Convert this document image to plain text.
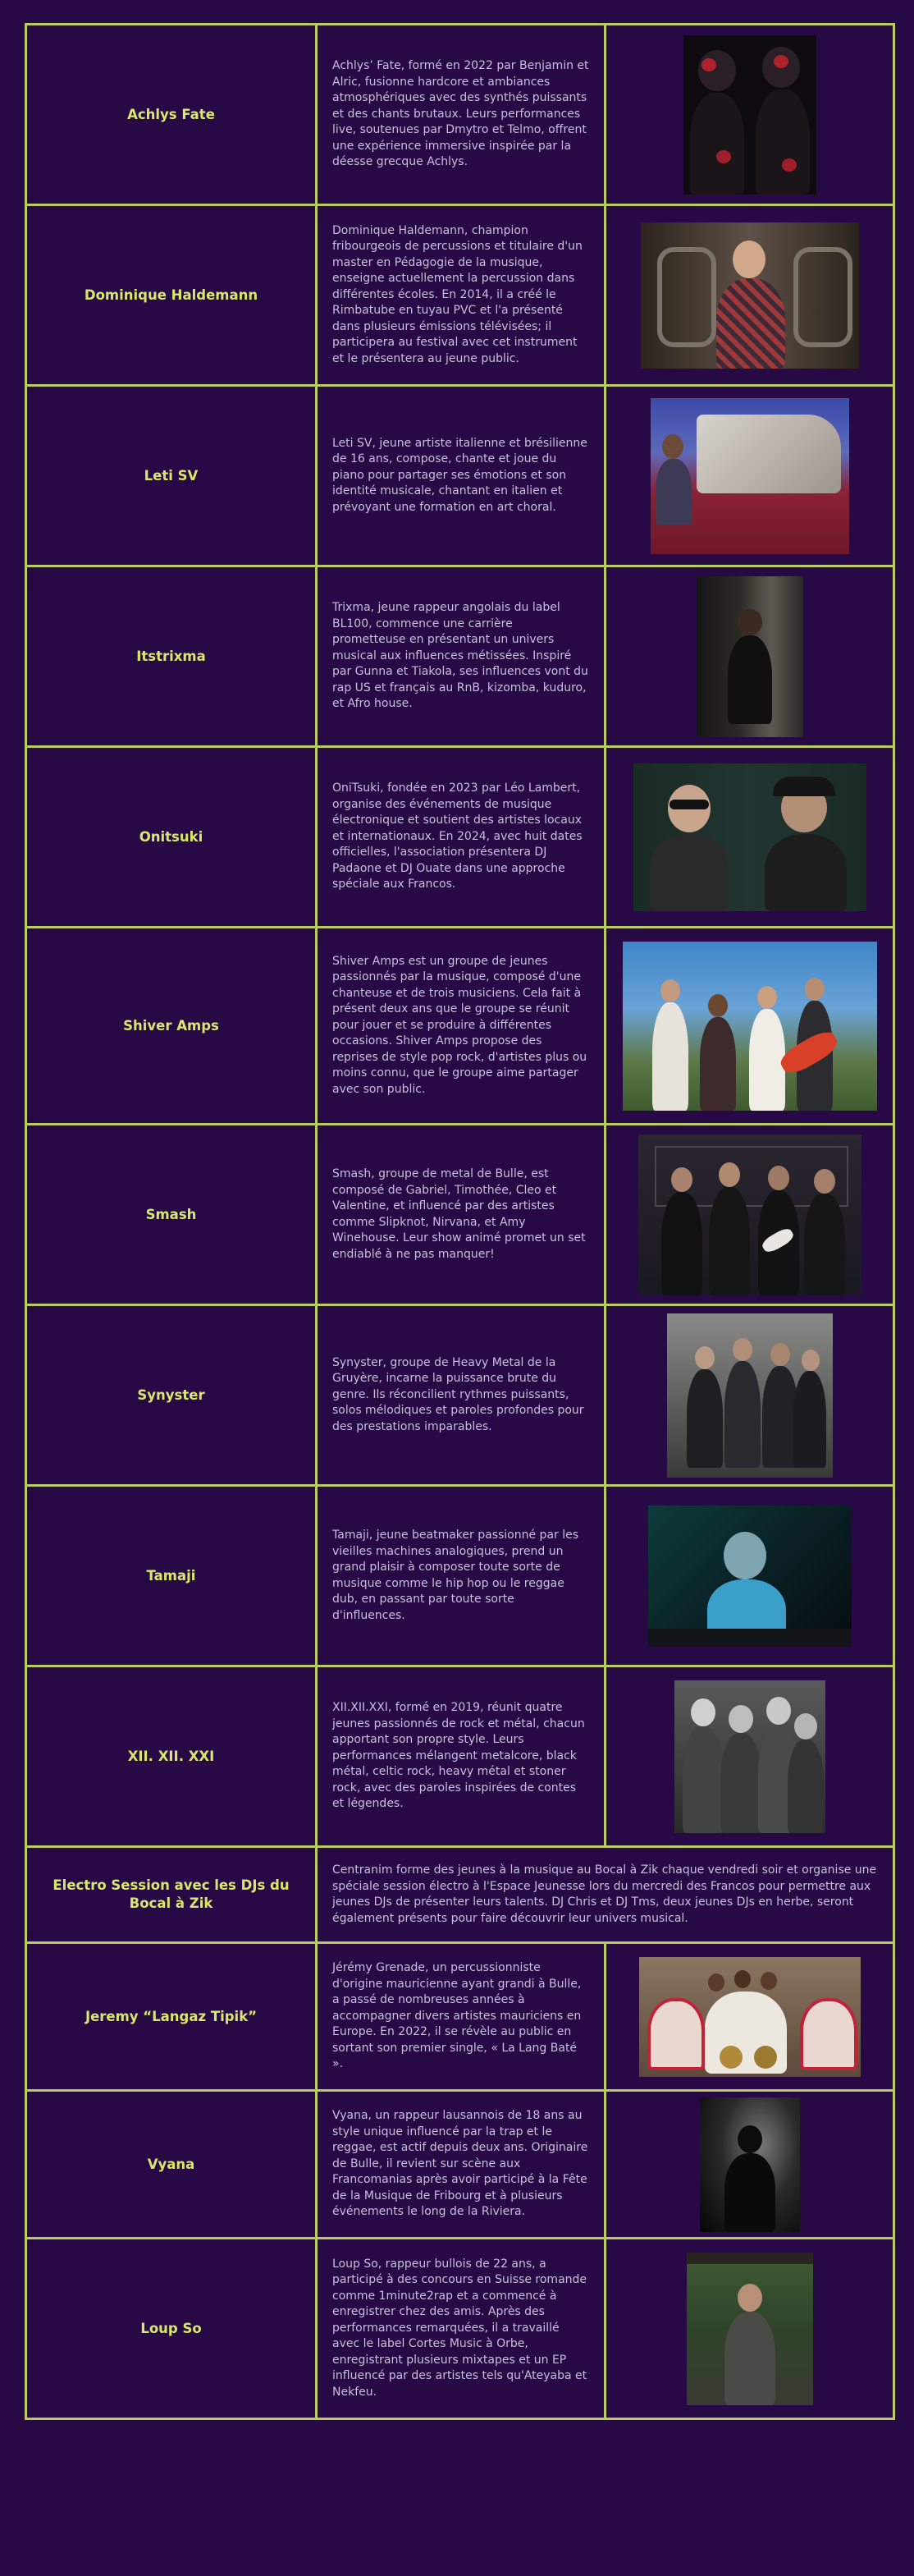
Achlys Fate	Achlys’ Fate, formé en 2022 par Benjamin et Alric, fusionne hardcore et ambiances atmosphériques avec des synthés puissants et des chants brutaux. Leurs performances live, soutenues par Dmytro et Telmo, offrent une expérience immersive inspirée par la déesse grecque Achlys.	

Dominique Haldemann	Dominique Haldemann, champion fribourgeois de percussions et titulaire d'un master en Pédagogie de la musique, enseigne actuellement la percussion dans différentes écoles. En 2014, il a créé le Rimbatube en tuyau PVC et l'a présenté dans plusieurs émissions télévisées; il participera au festival avec cet instrument et le présentera au jeune public.	

Leti SV	Leti SV, jeune artiste italienne et brésilienne de 16 ans, compose, chante et joue du piano pour partager ses émotions et son identité musicale, chantant en italien et prévoyant une formation en art choral.	

Itstrixma	Trixma, jeune rappeur angolais du label BL100, commence une carrière prometteuse en présentant un univers musical aux influences métissées. Inspiré par Gunna et Tiakola, ses influences vont du rap US et français au RnB, kizomba, kuduro, et Afro house.	

Onitsuki	OniTsuki, fondée en 2023 par Léo Lambert, organise des événements de musique électronique et soutient des artistes locaux et internationaux. En 2024, avec huit dates officielles, l'association présentera DJ Padaone et DJ Ouate dans une approche spéciale aux Francos.	

Shiver Amps	Shiver Amps est un groupe de jeunes passionnés par la musique, composé d'une chanteuse et de trois musiciens. Cela fait à présent deux ans que le groupe se réunit pour jouer et se produire à différentes occasions. Shiver Amps propose des reprises de style pop rock, d'artistes plus ou moins connu, que le groupe aime partager avec son public.	

Smash	Smash, groupe de metal de Bulle, est composé de Gabriel, Timothée, Cleo et Valentine, et influencé par des artistes comme Slipknot, Nirvana, et Amy Winehouse. Leur show animé promet un set endiablé à ne pas manquer!	

Synyster	Synyster, groupe de Heavy Metal de la Gruyère, incarne la puissance brute du genre. Ils réconcilient rythmes puissants, solos mélodiques et paroles profondes pour des prestations imparables.	

Tamaji	Tamaji, jeune beatmaker passionné par les vieilles machines analogiques, prend un grand plaisir à composer toute sorte de musique comme le hip hop ou le reggae dub, en passant par toute sorte d'influences.	

XII. XII. XXI	XII.XII.XXI, formé en 2019, réunit quatre jeunes passionnés de rock et métal, chacun apportant son propre style. Leurs performances mélangent metalcore, black métal, celtic rock, heavy métal et stoner rock, avec des paroles inspirées de contes et légendes.	

Electro Session avec les DJs du Bocal à Zik	Centranim forme des jeunes à la musique au Bocal à Zik chaque vendredi soir et organise une spéciale session électro à l'Espace Jeunesse lors du mercredi des Francos pour permettre aux jeunes DJs de présenter leurs talents. DJ Chris et DJ Tms, deux jeunes DJs en herbe, seront également présents pour faire découvrir leur univers musical.	
Jeremy “Langaz Tipik”	Jérémy Grenade, un percussionniste d'origine mauricienne ayant grandi à Bulle, a passé de nombreuses années à accompagner divers artistes mauriciens en Europe. En 2022, il se révèle au public en sortant son premier single, « La Lang Baté ».	

Vyana	Vyana, un rappeur lausannois de 18 ans au style unique influencé par la trap et le reggae, est actif depuis deux ans. Originaire de Bulle, il revient sur scène aux Francomanias après avoir participé à la Fête de la Musique de Fribourg et à plusieurs événements le long de la Riviera.	

Loup So	Loup So, rappeur bullois de 22 ans, a participé à des concours en Suisse romande comme 1minute2rap et a commencé à enregistrer chez des amis. Après des performances remarquées, il a travaillé avec le label Cortes Music à Orbe, enregistrant plusieurs mixtapes et un EP influencé par des artistes tels qu'Ateyaba et Nekfeu.	
